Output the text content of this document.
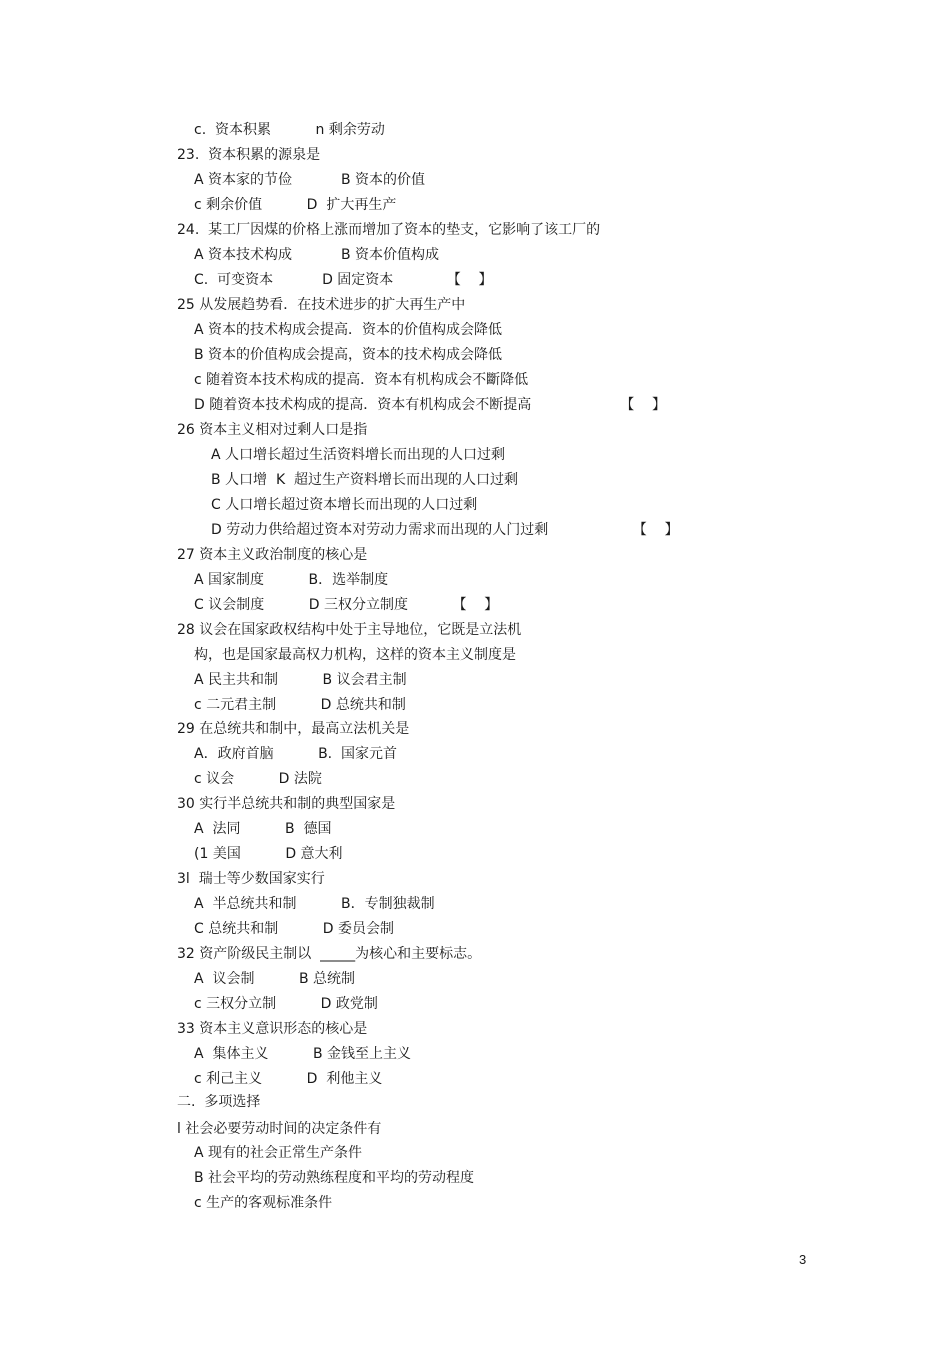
c.  资本积累          n 剩余劳动
23.  资本积累的源泉是
A 资本家的节俭           B 资本的价值
c 剩余价值          D  扩大再生产
24.  某工厂因煤的价格上涨而增加了资本的垫支，它影响了该工厂的
A 资本技术构成           B 资本价值构成
C.  可变资本           D 固定资本            【    】
25 从发展趋势看．在技术进步的扩大再生产中
A 资本的技术构成会提高．资本的价值构成会降低
B 资本的价值构成会提高，资本的技术构成会降低
c 随着资本技术构成的提高．资本有机构成会不斷降低
D 随着资本技术构成的提高．资本有机构成会不断提高                    【    】
26 资本主义相对过剩人口是指
A 人口增长超过生活资料增长而出现的人口过剩
B 人口增  K  超过生产资料增长而出现的人口过剩
C 人口增长超过资本增长而出现的人口过剩
D 劳动力供给超过资本对劳动力需求而出现的人门过剩                   【    】
27 资本主义政治制度的核心是
A 国家制度          B．选举制度
C 议会制度          D 三权分立制度          【    】
28 议会在国家政权结构中处于主导地位，它既是立法机
构，也是国家最高权力机构，这样的资本主义制度是
A 民主共和制          B 议会君主制
c 二元君主制          D 总统共和制
29 在总统共和制中，最高立法机关是
A．政府首脑          B.  国家元首
c 议会          D 法院
30 实行半总统共和制的典型国家是
A  法同          B  德国
(1 美国          D 意大利
3l  瑞士等少数国家实行
A  半总统共和制          B．专制独裁制
C 总统共和制          D 委员会制
32 资产阶级民主制以  _____为核心和主要标志。
A  议会制          B 总统制
c 三权分立制          D 政党制
33 资本主义意识形态的核心是
A  集体主义          B 金钱至上主义
c 利己主义          D  利他主义
二.  多项选择
l 社会必要劳动时间的决定条件有
A 现有的社会正常生产条件
B 社会平均的劳动熟练程度和平均的劳动程度
c 生产的客观标准条件
3
